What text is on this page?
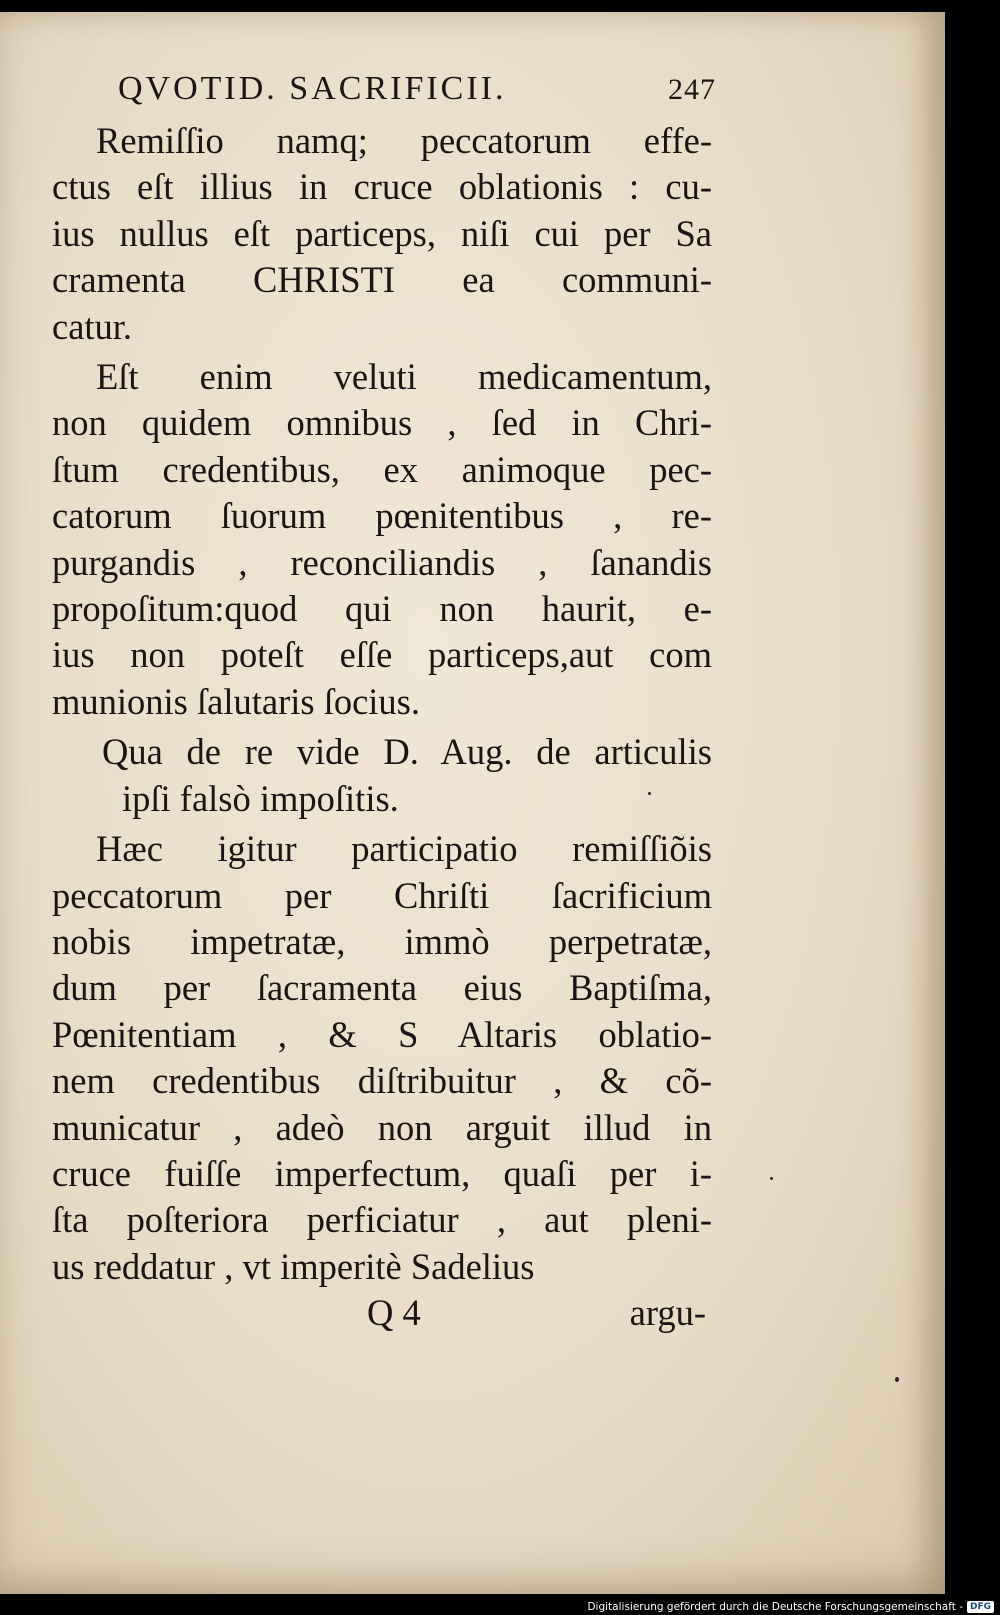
QVOTID. SACRIFICII.	247
Remiſſio namq; peccatorum effe-
ctus eſt illius in cruce oblationis : cu-
ius nullus eſt particeps, niſi cui per Sa
cramenta CHRISTI ea communi-
catur.
Eſt enim veluti medicamentum,
non quidem omnibus , ſed in Chri-
ſtum credentibus, ex animoque pec-
catorum ſuorum pœnitentibus , re-
purgandis , reconciliandis , ſanandis
propoſitum:quod qui non haurit, e-
ius non poteſt eſſe particeps,aut com
munionis ſalutaris ſocius.
Qua de re vide D. Aug. de articulis
ipſi falsò impoſitis.
Hæc igitur participatio remiſſiõis
peccatorum per Chriſti ſacrificium
nobis impetratæ, immò perpetratæ,
dum per ſacramenta eius Baptiſma,
Pœnitentiam , & S Altaris oblatio-
nem credentibus diſtribuitur , & cõ-
municatur , adeò non arguit illud in
cruce fuiſſe imperfectum, quaſi per i-
ſta poſteriora perficiatur , aut pleni-
us reddatur , vt imperitè Sadelius
Q 4	argu-
Digitalisierung gefördert durch die Deutsche Forschungsgemeinschaft - DFG
